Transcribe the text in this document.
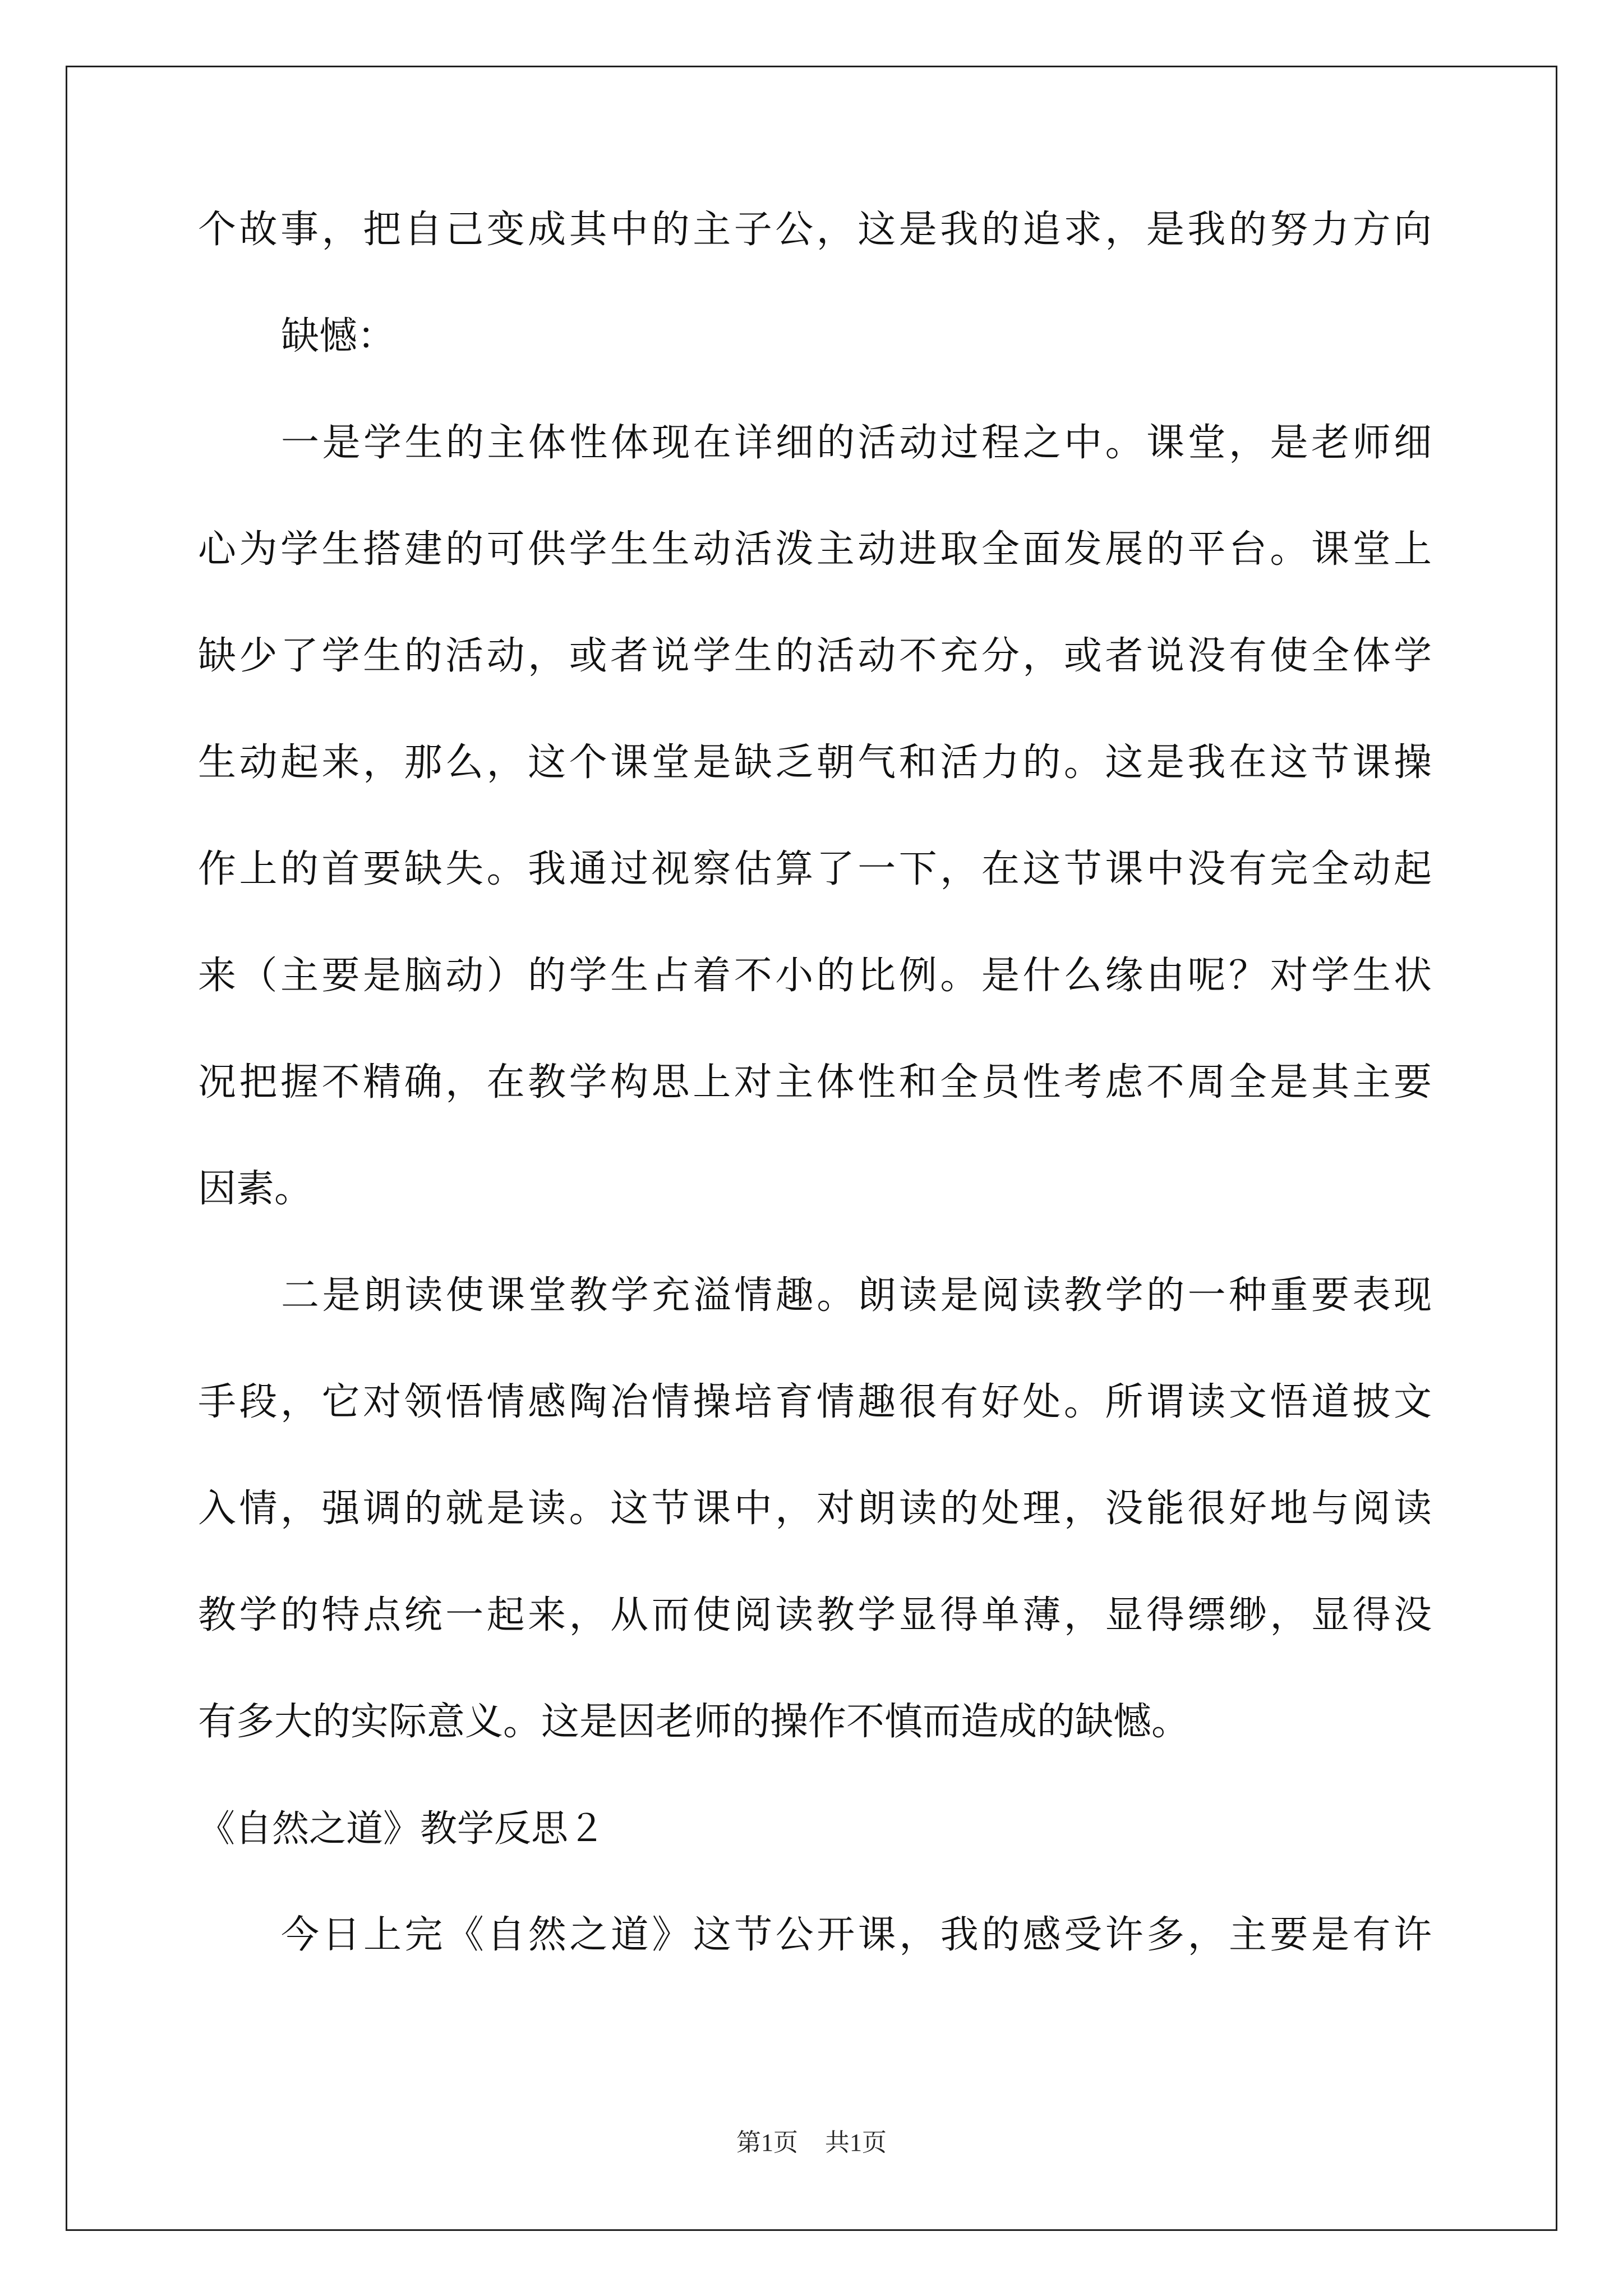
个故事，把自己变成其中的主子公，这是我的追求，是我的努力方向
缺憾：
一是学生的主体性体现在详细的活动过程之中。课堂，是老师细
心为学生搭建的可供学生生动活泼主动进取全面发展的平台。课堂上
缺少了学生的活动，或者说学生的活动不充分，或者说没有使全体学
生动起来，那么，这个课堂是缺乏朝气和活力的。这是我在这节课操
作上的首要缺失。我通过视察估算了一下，在这节课中没有完全动起
来（主要是脑动）的学生占着不小的比例。是什么缘由呢？对学生状
况把握不精确，在教学构思上对主体性和全员性考虑不周全是其主要
因素。
二是朗读使课堂教学充溢情趣。朗读是阅读教学的一种重要表现
手段，它对领悟情感陶冶情操培育情趣很有好处。所谓读文悟道披文
入情，强调的就是读。这节课中，对朗读的处理，没能很好地与阅读
教学的特点统一起来，从而使阅读教学显得单薄，显得缥缈，显得没
有多大的实际意义。这是因老师的操作不慎而造成的缺憾。
《自然之道》教学反思２
今日上完《自然之道》这节公开课，我的感受许多，主要是有许
第1页 共1页
